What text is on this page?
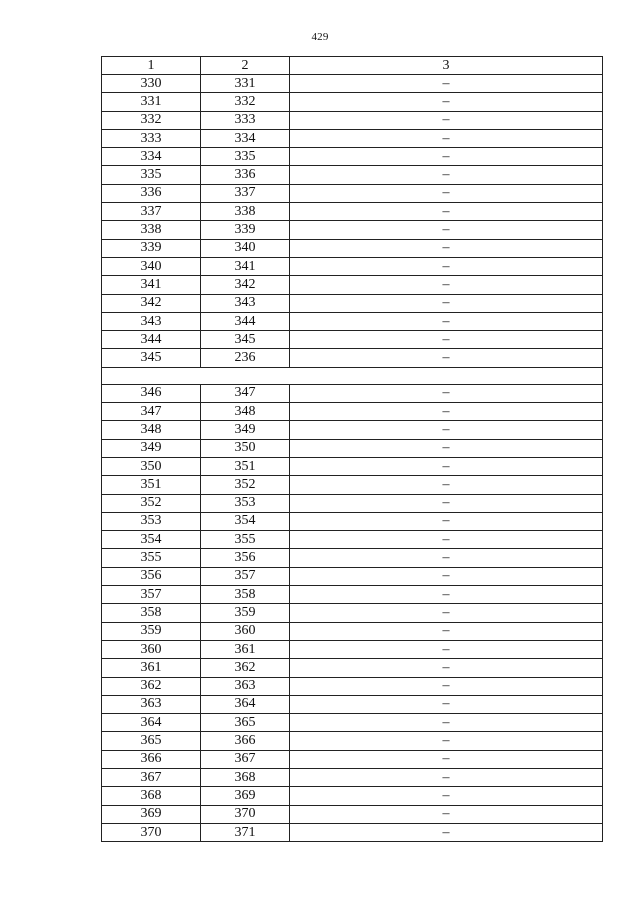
429
1	2	3
330	331	–
331	332	–
332	333	–
333	334	–
334	335	–
335	336	–
336	337	–
337	338	–
338	339	–
339	340	–
340	341	–
341	342	–
342	343	–
343	344	–
344	345	–
345	236	–

346	347	–
347	348	–
348	349	–
349	350	–
350	351	–
351	352	–
352	353	–
353	354	–
354	355	–
355	356	–
356	357	–
357	358	–
358	359	–
359	360	–
360	361	–
361	362	–
362	363	–
363	364	–
364	365	–
365	366	–
366	367	–
367	368	–
368	369	–
369	370	–
370	371	–
